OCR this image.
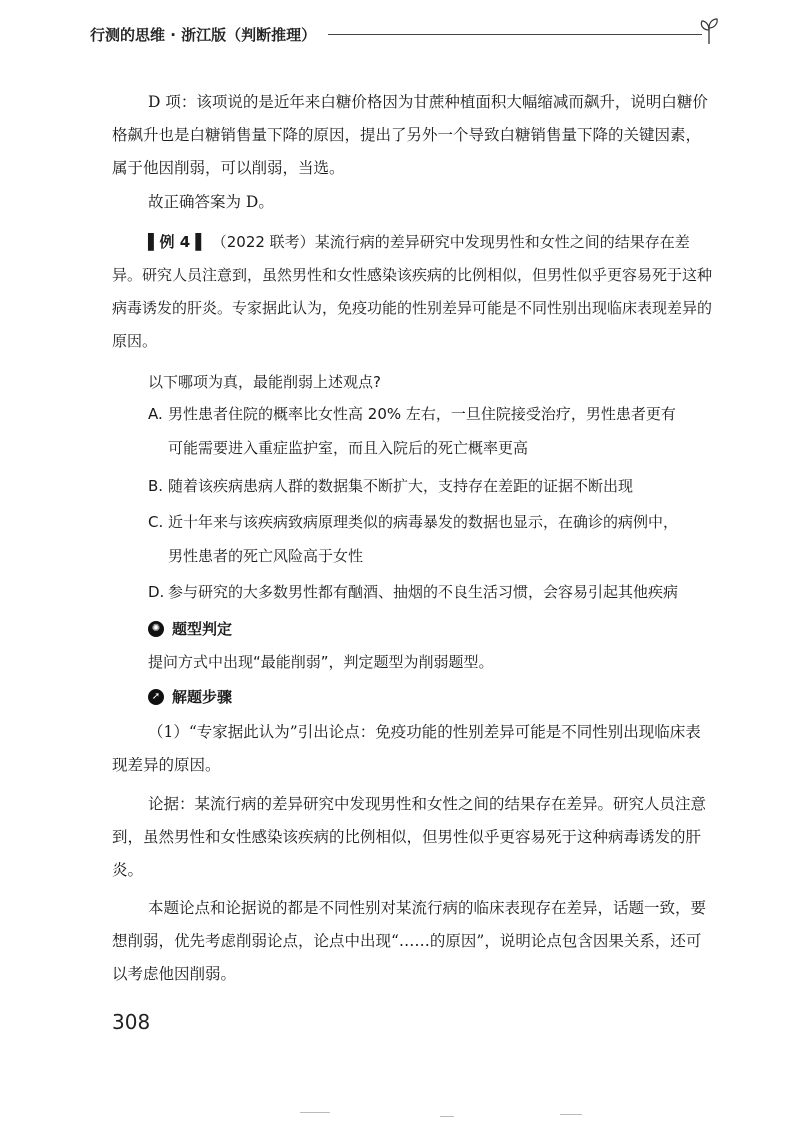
行测的思维 · 浙江版（判断推理）
D 项：该项说的是近年来白糖价格因为甘蔗种植面积大幅缩减而飙升，说明白糖价格飙升也是白糖销售量下降的原因，提出了另外一个导致白糖销售量下降的关键因素，属于他因削弱，可以削弱，当选。
故正确答案为 D。
▌例 4 ▌ （2022 联考）某流行病的差异研究中发现男性和女性之间的结果存在差异。研究人员注意到，虽然男性和女性感染该疾病的比例相似，但男性似乎更容易死于这种病毒诱发的肝炎。专家据此认为，免疫功能的性别差异可能是不同性别出现临床表现差异的原因。
以下哪项为真，最能削弱上述观点?
A. 男性患者住院的概率比女性高 20% 左右，一旦住院接受治疗，男性患者更有
可能需要进入重症监护室，而且入院后的死亡概率更高
B. 随着该疾病患病人群的数据集不断扩大，支持存在差距的证据不断出现
C. 近十年来与该疾病致病原理类似的病毒暴发的数据也显示，在确诊的病例中，
男性患者的死亡风险高于女性
D. 参与研究的大多数男性都有酗酒、抽烟的不良生活习惯，会容易引起其他疾病
✺ 题型判定
提问方式中出现“最能削弱”，判定题型为削弱题型。
➚ 解题步骤
（1）“专家据此认为”引出论点：免疫功能的性别差异可能是不同性别出现临床表现差异的原因。
论据：某流行病的差异研究中发现男性和女性之间的结果存在差异。研究人员注意到，虽然男性和女性感染该疾病的比例相似，但男性似乎更容易死于这种病毒诱发的肝炎。
本题论点和论据说的都是不同性别对某流行病的临床表现存在差异，话题一致，要想削弱，优先考虑削弱论点，论点中出现“……的原因”，说明论点包含因果关系，还可以考虑他因削弱。
308
